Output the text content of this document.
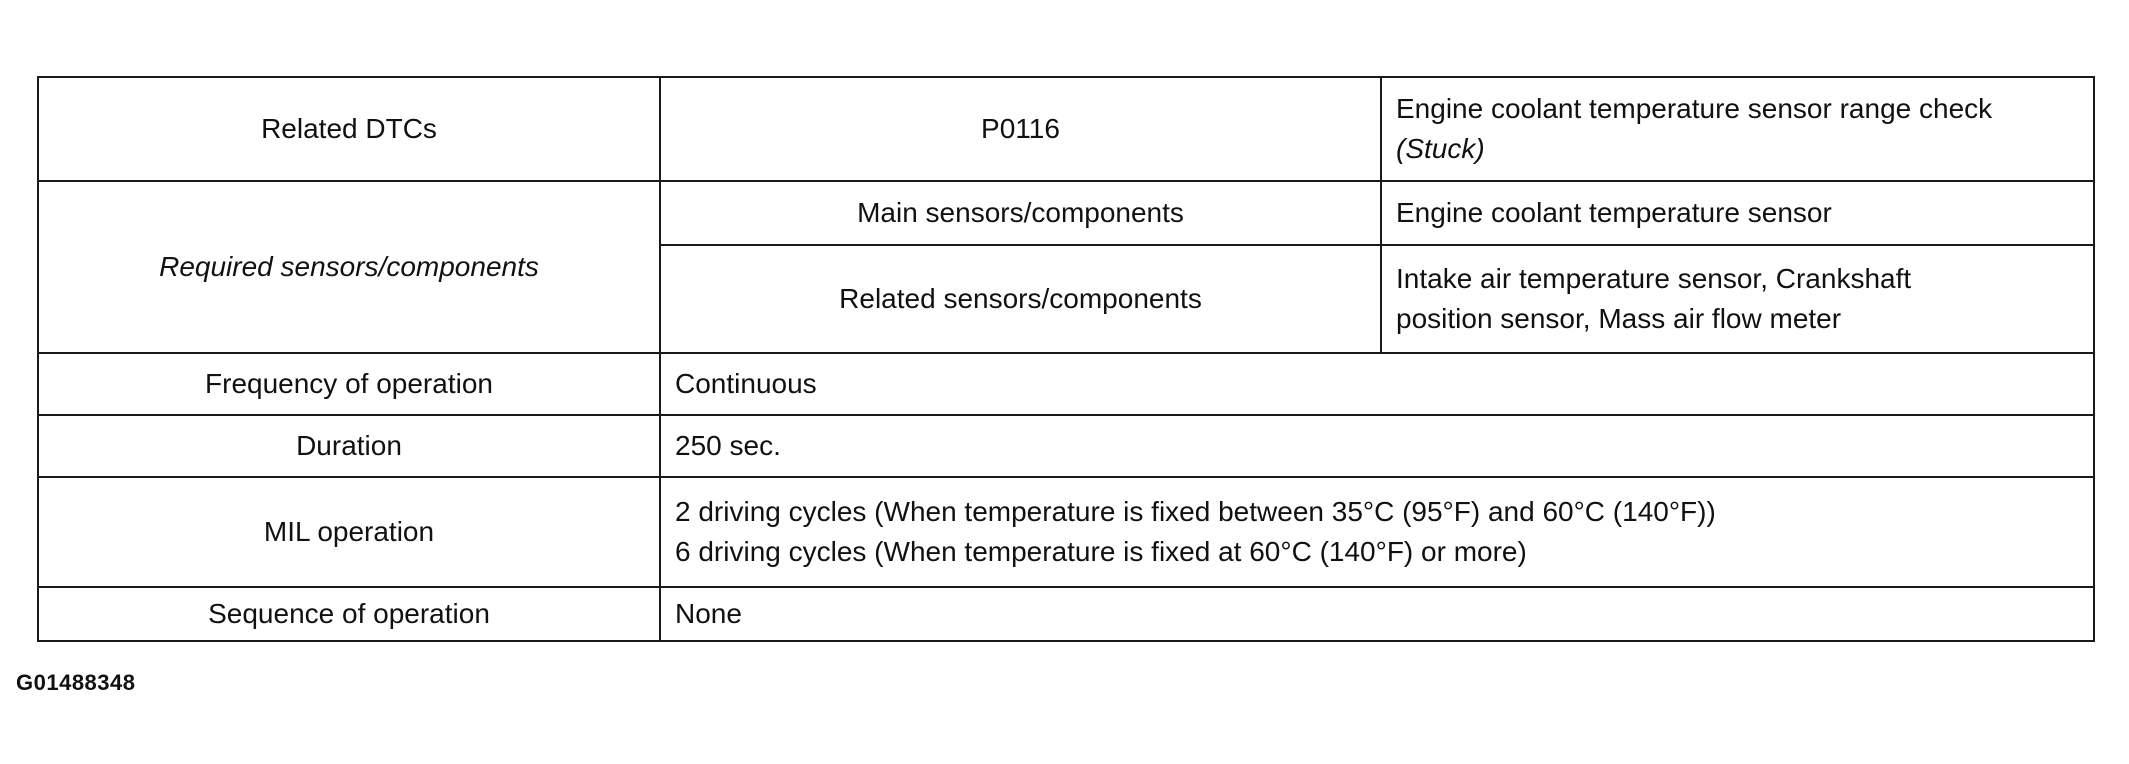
Related DTCs	P0116	Engine coolant temperature sensor range check
(Stuck)

Required sensors/components	Main sensors/components	Engine coolant temperature sensor
	Related sensors/components	Intake air temperature sensor, Crankshaft
position sensor, Mass air flow meter

Frequency of operation	Continuous	
Duration	250 sec.	
MIL operation	2 driving cycles (When temperature is fixed between 35°C (95°F) and 60°C (140°F))
6 driving cycles (When temperature is fixed at 60°C (140°F) or more)	

Sequence of operation	None	
G01488348
